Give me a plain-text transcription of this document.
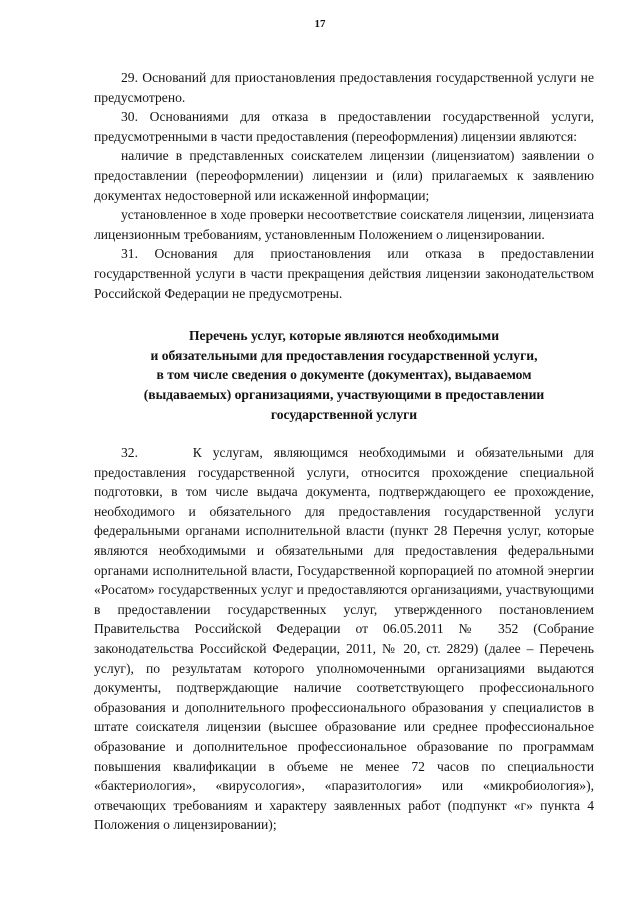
17

29. Оснований для приостановления предоставления государственной услуги не предусмотрено.

30. Основаниями для отказа в предоставлении государственной услуги, предусмотренными в части предоставления (переоформления) лицензии являются:

наличие в представленных соискателем лицензии (лицензиатом) заявлении о предоставлении (переоформлении) лицензии и (или) прилагаемых к заявлению документах недостоверной или искаженной информации;

установленное в ходе проверки несоответствие соискателя лицензии, лицензиата лицензионным требованиям, установленным Положением о лицензировании.

31. Основания для приостановления или отказа в предоставлении государственной услуги в части прекращения действия лицензии законодательством Российской Федерации не предусмотрены.

Перечень услуг, которые являются необходимыми
и обязательными для предоставления государственной услуги,
в том числе сведения о документе (документах), выдаваемом
(выдаваемых) организациями, участвующими в предоставлении
государственной услуги

32.     К услугам, являющимся необходимыми и обязательными для предоставления государственной услуги, относится прохождение специальной подготовки, в том числе выдача документа, подтверждающего ее прохождение, необходимого и обязательного для предоставления государственной услуги федеральными органами исполнительной власти (пункт 28 Перечня услуг, которые являются необходимыми и обязательными для предоставления федеральными органами исполнительной власти, Государственной корпорацией по атомной энергии «Росатом» государственных услуг и предоставляются организациями, участвующими в предоставлении государственных услуг, утвержденного постановлением Правительства Российской Федерации от 06.05.2011 № 352 (Собрание законодательства Российской Федерации, 2011, № 20, ст. 2829) (далее – Перечень услуг), по результатам которого уполномоченными организациями выдаются документы, подтверждающие наличие соответствующего профессионального образования и дополнительного профессионального образования у специалистов в штате соискателя лицензии (высшее образование или среднее профессиональное образование и дополнительное профессиональное образование по программам повышения квалификации в объеме не менее 72 часов по специальности «бактериология», «вирусология», «паразитология» или «микробиология»), отвечающих требованиям и характеру заявленных работ (подпункт «г» пункта 4 Положения о лицензировании);
